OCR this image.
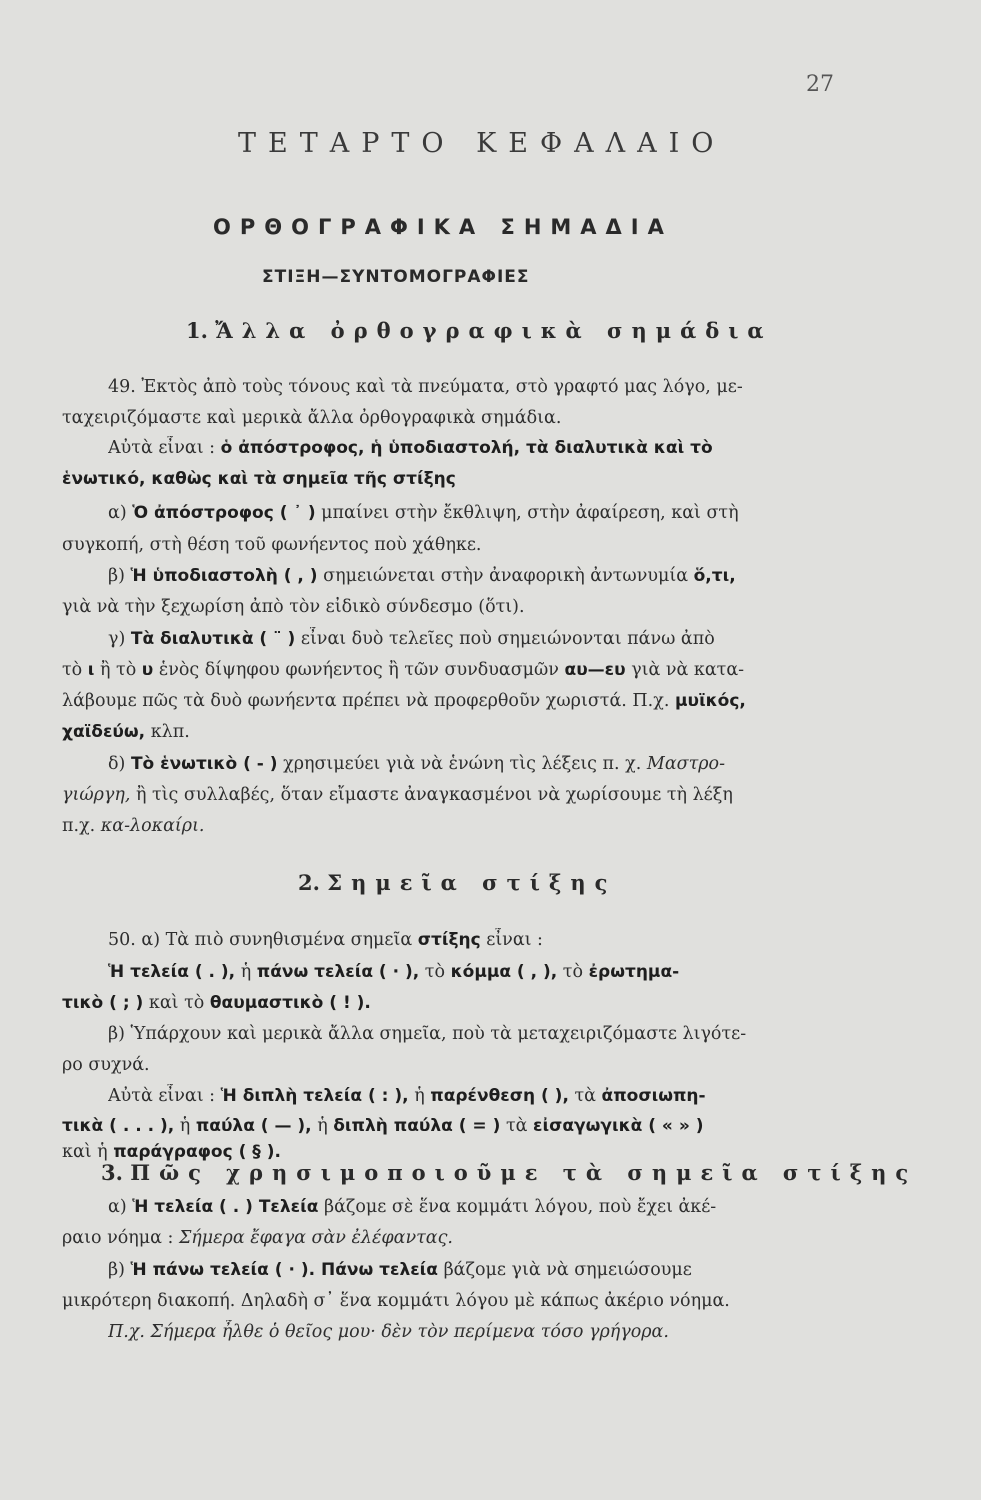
27
ΤΕΤΑΡΤΟ ΚΕΦΑΛΑΙΟ
ΟΡΘΟΓΡΑΦΙΚΑ ΣΗΜΑΔΙΑ
ΣΤΙΞΗ—ΣΥΝΤΟΜΟΓΡΑΦΙΕΣ
1. Ἄλλα ὀρθογραφικὰ σημάδια
49. Ἐκτὸς ἀπὸ τοὺς τόνους καὶ τὰ πνεύματα, στὸ γραφτό μας λόγο, με-
ταχειριζόμαστε καὶ μερικὰ ἄλλα ὀρθογραφικὰ σημάδια.
Αὐτὰ εἶναι : ὁ ἀπόστροφος, ἡ ὑποδιαστολή, τὰ διαλυτικὰ καὶ τὸ
ἑνωτικό, καθὼς καὶ τὰ σημεῖα τῆς στίξης
α) Ὁ ἀπόστροφος ( ᾿ ) μπαίνει στὴν ἔκθλιψη, στὴν ἀφαίρεση, καὶ στὴ
συγκοπή, στὴ θέση τοῦ φωνήεντος ποὺ χάθηκε.
β) Ἡ ὑποδιαστολὴ ( , ) σημειώνεται στὴν ἀναφορικὴ ἀντωνυμία ὅ,τι,
γιὰ νὰ τὴν ξεχωρίση ἀπὸ τὸν εἰδικὸ σύνδεσμο (ὅτι).
γ) Τὰ διαλυτικὰ ( ¨ ) εἶναι δυὸ τελεῖες ποὺ σημειώνονται πάνω ἀπὸ
τὸ ι ἢ τὸ υ ἑνὸς δίψηφου φωνήεντος ἢ τῶν συνδυασμῶν αυ—ευ γιὰ νὰ κατα-
λάβουμε πῶς τὰ δυὸ φωνήεντα πρέπει νὰ προφερθοῦν χωριστά. Π.χ. μυϊκός,
χαϊδεύω, κλπ.
δ) Τὸ ἑνωτικὸ ( - ) χρησιμεύει γιὰ νὰ ἑνώνη τὶς λέξεις π. χ. Μαστρο-
γιώργη, ἢ τὶς συλλαβές, ὅταν εἴμαστε ἀναγκασμένοι νὰ χωρίσουμε τὴ λέξη
π.χ. κα-λοκαίρι.
2. Σημεῖα στίξης
50. α) Τὰ πιὸ συνηθισμένα σημεῖα στίξης εἶναι :
Ἡ τελεία ( . ), ἡ πάνω τελεία ( · ), τὸ κόμμα ( , ), τὸ ἐρωτημα-
τικὸ ( ; ) καὶ τὸ θαυμαστικὸ ( ! ).
β) Ὑπάρχουν καὶ μερικὰ ἄλλα σημεῖα, ποὺ τὰ μεταχειριζόμαστε λιγότε-
ρο συχνά.
Αὐτὰ εἶναι : Ἡ διπλὴ τελεία ( : ), ἡ παρένθεση ( ), τὰ ἀποσιωπη-
τικὰ ( . . . ), ἡ παύλα ( — ), ἡ διπλὴ παύλα ( = ) τὰ εἰσαγωγικὰ ( « » )
καὶ ἡ παράγραφος ( § ).
3. Πῶς χρησιμοποιοῦμε τὰ σημεῖα στίξης
α) Ἡ τελεία ( . ) Τελεία βάζομε σὲ ἕνα κομμάτι λόγου, ποὺ ἔχει ἀκέ-
ραιο νόημα : Σήμερα ἔφαγα σὰν ἐλέφαντας.
β) Ἡ πάνω τελεία ( · ). Πάνω τελεία βάζομε γιὰ νὰ σημειώσουμε
μικρότερη διακοπή. Δηλαδὴ σ᾿ ἕνα κομμάτι λόγου μὲ κάπως ἀκέριο νόημα.
Π.χ. Σήμερα ἦλθε ὁ θεῖος μου· δὲν τὸν περίμενα τόσο γρήγορα.
